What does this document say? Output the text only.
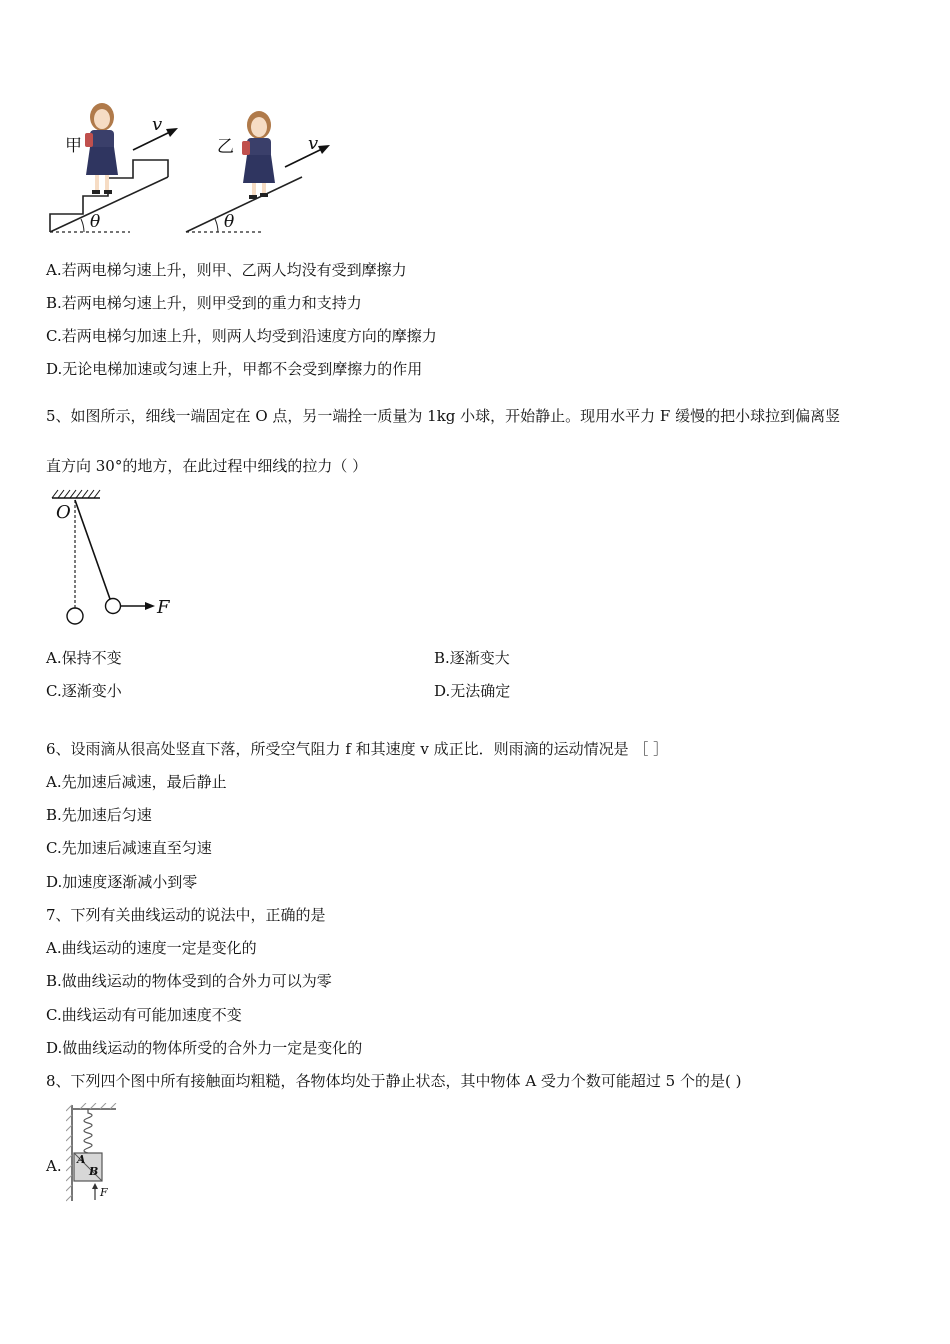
甲	乙
v
v
θ	θ
A.若两电梯匀速上升，则甲、乙两人均没有受到摩擦力
B.若两电梯匀速上升，则甲受到的重力和支持力
C.若两电梯匀加速上升，则两人均受到沿速度方向的摩擦力
D.无论电梯加速或匀速上升，甲都不会受到摩擦力的作用
5、如图所示，细线一端固定在 O 点，另一端拴一质量为 1kg 小球，开始静止。现用水平力 F 缓慢的把小球拉到偏离竖
直方向 30°的地方，在此过程中细线的拉力（ ）
O
F
A.保持不变	B.逐渐变大
C.逐渐变小	D.无法确定
6、设雨滴从很高处竖直下落，所受空气阻力 f 和其速度 v 成正比．则雨滴的运动情况是 ［ ］
A.先加速后减速，最后静止
B.先加速后匀速
C.先加速后减速直至匀速
D.加速度逐渐减小到零
7、下列有关曲线运动的说法中，正确的是
A.曲线运动的速度一定是变化的
B.做曲线运动的物体受到的合外力可以为零
C.曲线运动有可能加速度不变
D.做曲线运动的物体所受的合外力一定是变化的
8、下列四个图中所有接触面均粗糙，各物体均处于静止状态，其中物体 A 受力个数可能超过 5 个的是( )
A. A
B
F
